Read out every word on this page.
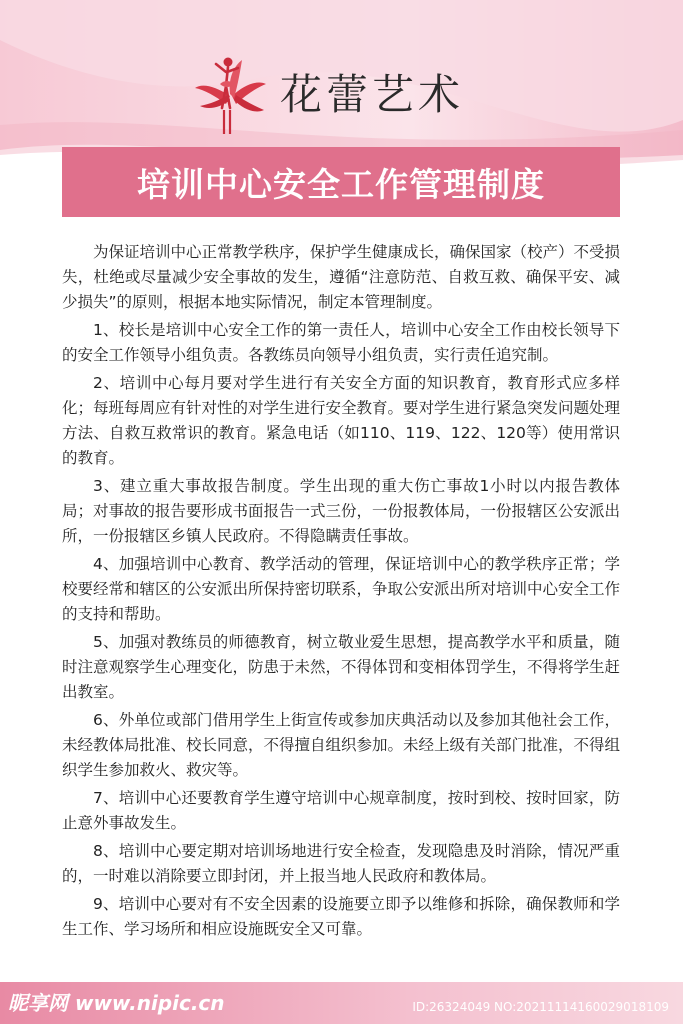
花蕾艺术
培训中心安全工作管理制度

为保证培训中心正常教学秩序，保护学生健康成长，确保国家（校产）不受损失，杜绝或尽量减少安全事故的发生，遵循“注意防范、自救互救、确保平安、减少损失”的原则，根据本地实际情况，制定本管理制度。

1、校长是培训中心安全工作的第一责任人，培训中心安全工作由校长领导下的安全工作领导小组负责。各教练员向领导小组负责，实行责任追究制。

2、培训中心每月要对学生进行有关安全方面的知识教育，教育形式应多样化；每班每周应有针对性的对学生进行安全教育。要对学生进行紧急突发问题处理方法、自救互救常识的教育。紧急电话（如110、119、122、120等）使用常识的教育。

3、建立重大事故报告制度。学生出现的重大伤亡事故1小时以内报告教体局；对事故的报告要形成书面报告一式三份，一份报教体局，一份报辖区公安派出所，一份报辖区乡镇人民政府。不得隐瞒责任事故。

4、加强培训中心教育、教学活动的管理，保证培训中心的教学秩序正常；学校要经常和辖区的公安派出所保持密切联系，争取公安派出所对培训中心安全工作的支持和帮助。

5、加强对教练员的师德教育，树立敬业爱生思想，提高教学水平和质量，随时注意观察学生心理变化，防患于未然，不得体罚和变相体罚学生，不得将学生赶出教室。

6、外单位或部门借用学生上街宣传或参加庆典活动以及参加其他社会工作，未经教体局批准、校长同意，不得擅自组织参加。未经上级有关部门批准，不得组织学生参加救火、救灾等。

7、培训中心还要教育学生遵守培训中心规章制度，按时到校、按时回家，防止意外事故发生。

8、培训中心要定期对培训场地进行安全检查，发现隐患及时消除，情况严重的，一时难以消除要立即封闭，并上报当地人民政府和教体局。

9、培训中心要对有不安全因素的设施要立即予以维修和拆除，确保教师和学生工作、学习场所和相应设施既安全又可靠。

昵享网 www.nipic.cn	ID:26324049 NO:20211114160029018109
